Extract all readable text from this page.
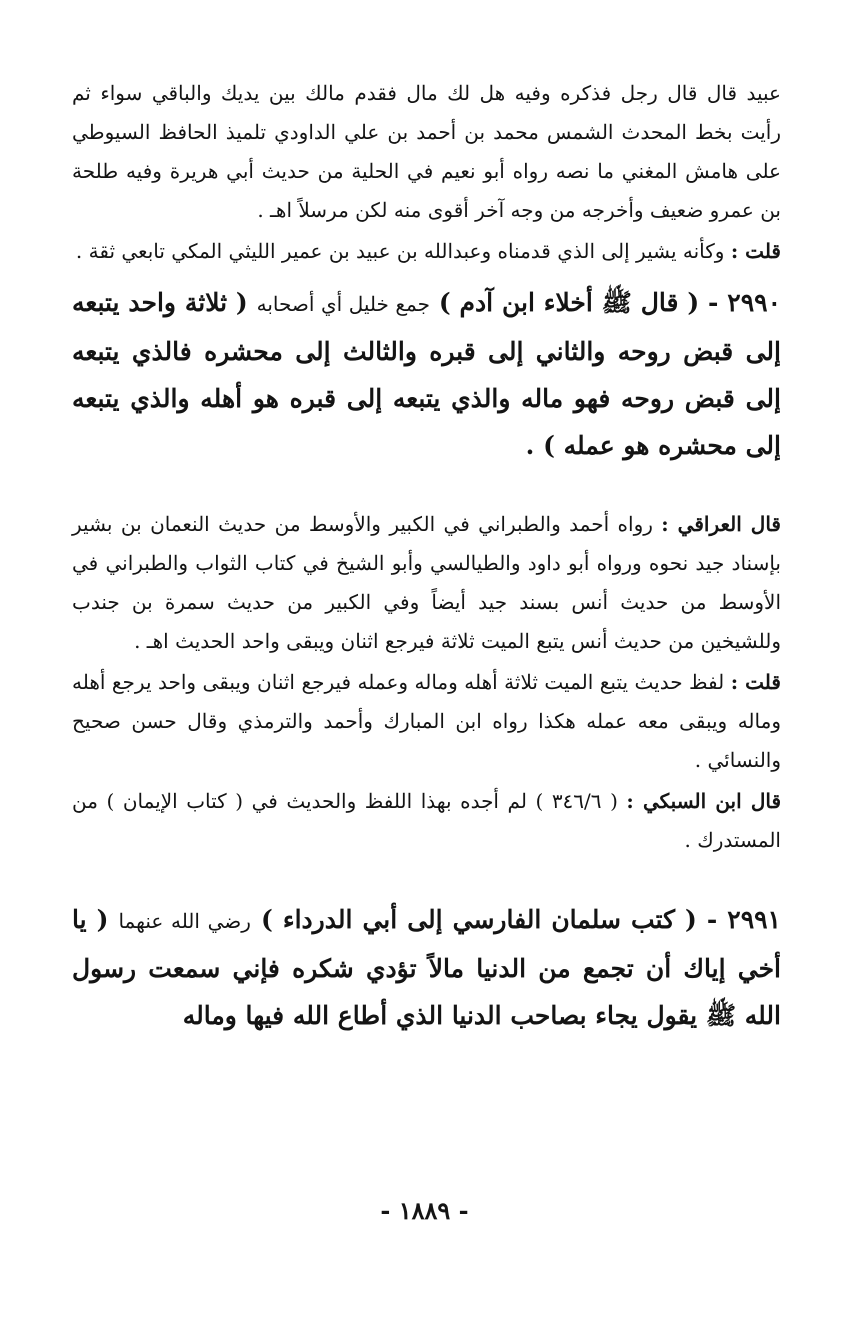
عبيد قال قال رجل فذكره وفيه هل لك مال فقدم مالك بين يديك والباقي سواء ثم رأيت بخط المحدث الشمس محمد بن أحمد بن علي الداودي تلميذ الحافظ السيوطي على هامش المغني ما نصه رواه أبو نعيم في الحلية من حديث أبي هريرة وفيه طلحة بن عمرو ضعيف وأخرجه من وجه آخر أقوى منه لكن مرسلاً اهـ .

قلت : وكأنه يشير إلى الذي قدمناه وعبدالله بن عبيد بن عمير الليثي المكي تابعي ثقة .

٢٩٩٠ - ( قال ﷺ أخلاء ابن آدم ) جمع خليل أي أصحابه ( ثلاثة واحد يتبعه إلى قبض روحه والثاني إلى قبره والثالث إلى محشره فالذي يتبعه إلى قبض روحه فهو ماله والذي يتبعه إلى قبره هو أهله والذي يتبعه إلى محشره هو عمله ) .

قال العراقي : رواه أحمد والطبراني في الكبير والأوسط من حديث النعمان بن بشير بإسناد جيد نحوه ورواه أبو داود والطيالسي وأبو الشيخ في كتاب الثواب والطبراني في الأوسط من حديث أنس بسند جيد أيضاً وفي الكبير من حديث سمرة بن جندب وللشيخين من حديث أنس يتبع الميت ثلاثة فيرجع اثنان ويبقى واحد الحديث اهـ .

قلت : لفظ حديث يتبع الميت ثلاثة أهله وماله وعمله فيرجع اثنان ويبقى واحد يرجع أهله وماله ويبقى معه عمله هكذا رواه ابن المبارك وأحمد والترمذي وقال حسن صحيح والنسائي .

قال ابن السبكي : ( ٣٤٦/٦ ) لم أجده بهذا اللفظ والحديث في ( كتاب الإيمان ) من المستدرك .

٢٩٩١ - ( كتب سلمان الفارسي إلى أبي الدرداء ) رضي الله عنهما ( يا أخي إياك أن تجمع من الدنيا مالاً تؤدي شكره فإني سمعت رسول الله ﷺ يقول يجاء بصاحب الدنيا الذي أطاع الله فيها وماله

- ١٨٨٩ -
